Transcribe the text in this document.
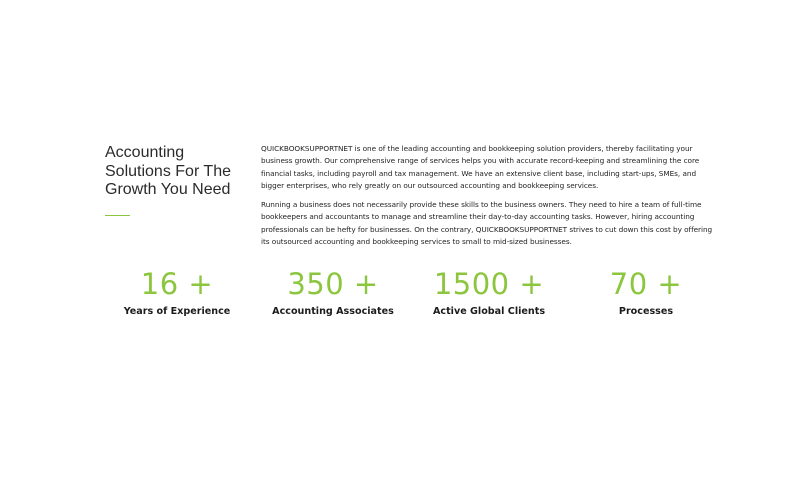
Accounting
Solutions For The
Growth You Need

QUICKBOOKSUPPORTNET is one of the leading accounting and bookkeeping solution providers, thereby facilitating your business growth. Our comprehensive range of services helps you with accurate record-keeping and streamlining the core financial tasks, including payroll and tax management. We have an extensive client base, including start-ups, SMEs, and bigger enterprises, who rely greatly on our outsourced accounting and bookkeeping services.

Running a business does not necessarily provide these skills to the business owners. They need to hire a team of full-time bookkeepers and accountants to manage and streamline their day-to-day accounting tasks. However, hiring accounting professionals can be hefty for businesses. On the contrary, QUICKBOOKSUPPORTNET strives to cut down this cost by offering its outsourced accounting and bookkeeping services to small to mid-sized businesses.

16 +
Years of Experience
350 +
Accounting Associates
1500 +
Active Global Clients
70 +
Processes
